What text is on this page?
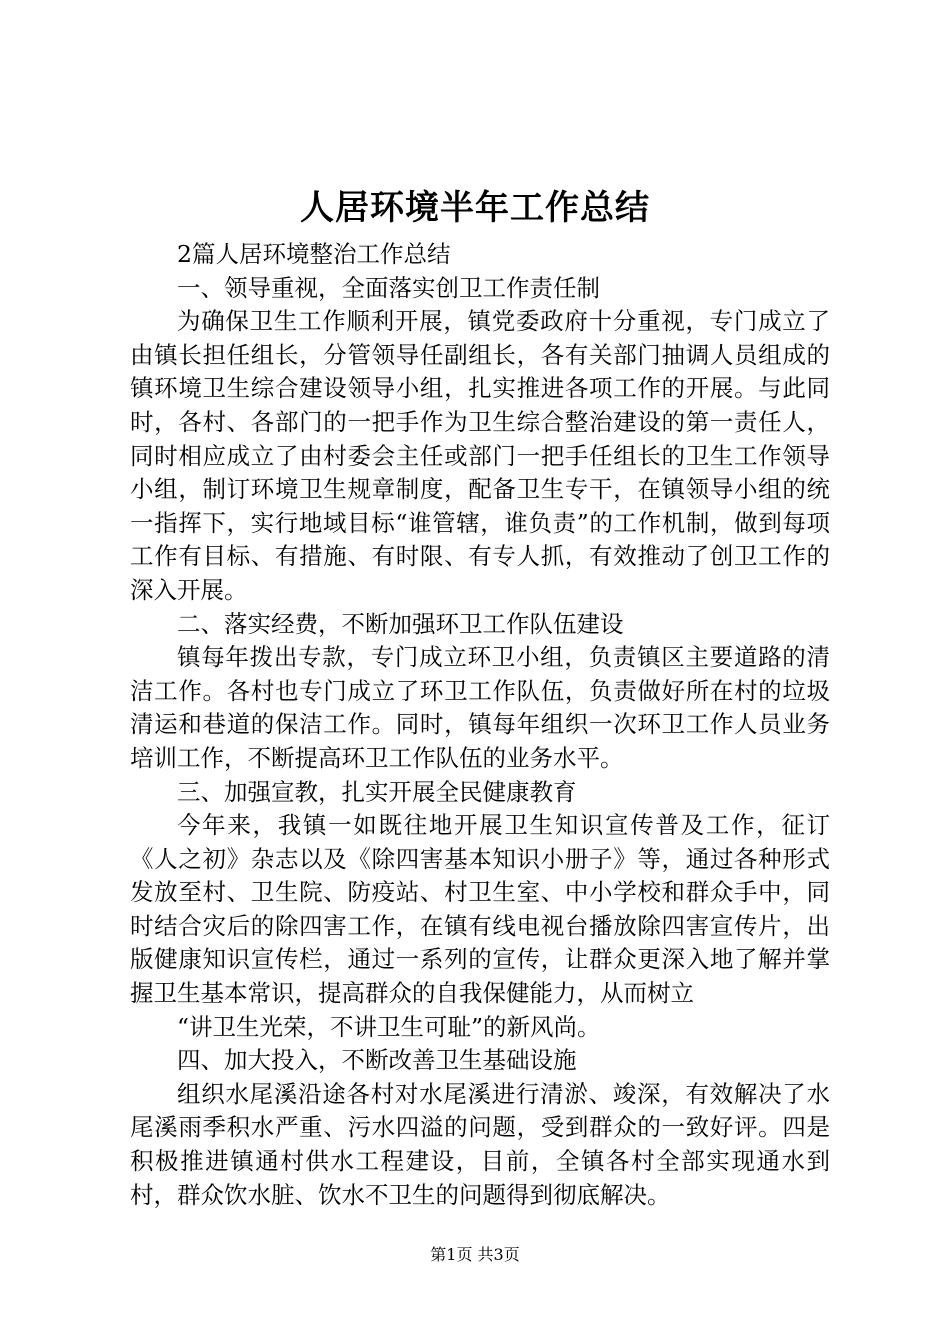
人居环境半年工作总结

2篇人居环境整治工作总结

一、领导重视，全面落实创卫工作责任制

为确保卫生工作顺利开展，镇党委政府十分重视，专门成立了由镇长担任组长，分管领导任副组长，各有关部门抽调人员组成的镇环境卫生综合建设领导小组，扎实推进各项工作的开展。与此同时，各村、各部门的一把手作为卫生综合整治建设的第一责任人，同时相应成立了由村委会主任或部门一把手任组长的卫生工作领导小组，制订环境卫生规章制度，配备卫生专干，在镇领导小组的统一指挥下，实行地域目标“谁管辖，谁负责”的工作机制，做到每项工作有目标、有措施、有时限、有专人抓，有效推动了创卫工作的深入开展。

二、落实经费，不断加强环卫工作队伍建设

镇每年拨出专款，专门成立环卫小组，负责镇区主要道路的清洁工作。各村也专门成立了环卫工作队伍，负责做好所在村的垃圾清运和巷道的保洁工作。同时，镇每年组织一次环卫工作人员业务培训工作，不断提高环卫工作队伍的业务水平。

三、加强宣教，扎实开展全民健康教育

今年来，我镇一如既往地开展卫生知识宣传普及工作，征订《人之初》杂志以及《除四害基本知识小册子》等，通过各种形式发放至村、卫生院、防疫站、村卫生室、中小学校和群众手中，同时结合灾后的除四害工作，在镇有线电视台播放除四害宣传片，出版健康知识宣传栏，通过一系列的宣传，让群众更深入地了解并掌握卫生基本常识，提高群众的自我保健能力，从而树立

“讲卫生光荣，不讲卫生可耻”的新风尚。

四、加大投入，不断改善卫生基础设施

组织水尾溪沿途各村对水尾溪进行清淤、竣深，有效解决了水尾溪雨季积水严重、污水四溢的问题，受到群众的一致好评。四是积极推进镇通村供水工程建设，目前，全镇各村全部实现通水到村，群众饮水脏、饮水不卫生的问题得到彻底解决。

第1页 共3页
